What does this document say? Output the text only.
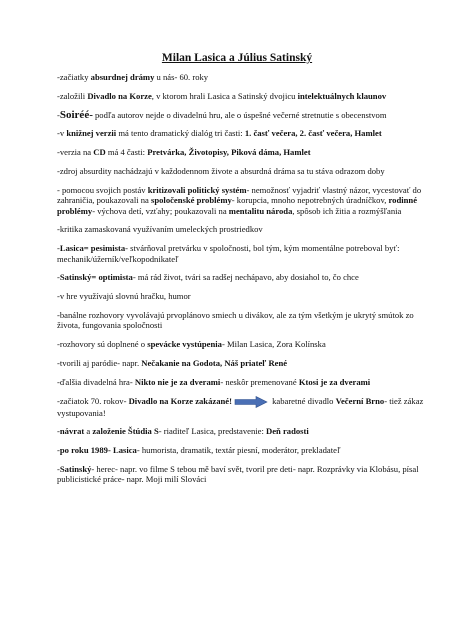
Milan Lasica a Július Satinský

-začiatky absurdnej drámy u nás- 60. roky

-založili Divadlo na Korze, v ktorom hrali Lasica a Satinský dvojicu intelektuálnych klaunov

-Soiréé- podľa autorov nejde o divadelnú hru, ale o úspešné večerné stretnutie s obecenstvom

-v knižnej verzii má tento dramatický dialóg tri časti: 1. časť večera, 2. časť večera, Hamlet

-verzia na CD má 4 časti: Pretvárka, Životopisy, Piková dáma, Hamlet

-zdroj absurdity nachádzajú v každodennom živote a absurdná dráma sa tu stáva odrazom doby

- pomocou svojich postáv kritizovali politický systém- nemožnosť vyjadriť vlastný názor, vycestovať do zahraničia, poukazovali na spoločenské problémy- korupcia, mnoho nepotrebných úradníčkov, rodinné problémy- výchova detí, vzťahy; poukazovali na mentalitu národa, spôsob ich žitia a rozmýšľania

-kritika zamaskovaná využívaním umeleckých prostriedkov

-Lasica= pesimista- stvárňoval pretvárku v spoločnosti, bol tým, kým momentálne potreboval byť: mechanik/úžerník/veľkopodnikateľ

-Satinský= optimista- má rád život, tvári sa radšej nechápavo, aby dosiahol to, čo chce

-v hre využívajú slovnú hračku, humor

-banálne rozhovory vyvolávajú prvoplánovo smiech u divákov, ale za tým všetkým je ukrytý smútok zo života, fungovania spoločnosti

-rozhovory sú doplnené o spevácke vystúpenia- Milan Lasica, Zora Kolínska

-tvorili aj paródie- napr. Nečakanie na Godota, Náš priateľ René

-ďalšia divadelná hra- Nikto nie je za dverami- neskôr premenované Ktosi je za dverami

-začiatok 70. rokov- Divadlo na Korze zakázané!	kabaretné divadlo Večerní Brno- tiež zákaz vystupovania!

-návrat a založenie Štúdia S- riaditeľ Lasica, predstavenie: Deň radosti

-po roku 1989- Lasica- humorista, dramatik, textár piesní, moderátor, prekladateľ

-Satinský- herec- napr. vo filme S tebou mě baví svět, tvoril pre deti- napr. Rozprávky via Klobásu, písal publicistické práce- napr. Moji milí Slováci
